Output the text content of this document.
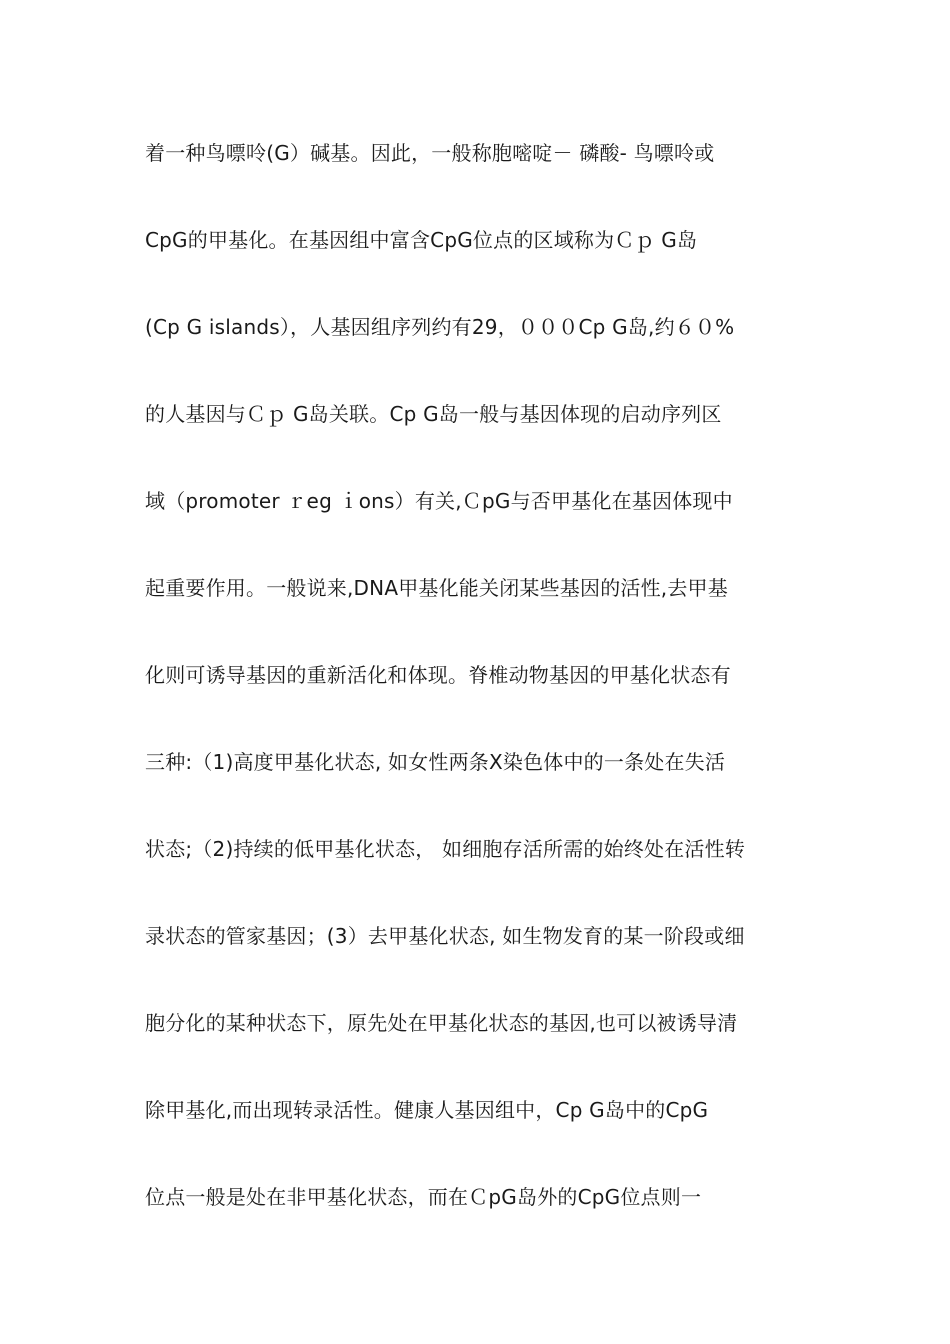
着一种鸟嘌呤(G）碱基。因此，一般称胞嘧啶－ 磷酸- 鸟嘌呤或
CpG的甲基化。在基因组中富含CpG位点的区域称为Ｃｐ G岛
(Cp G islands），人基因组序列约有29，０００Cp G岛,约６０%
的人基因与Ｃｐ G岛关联。Cp G岛一般与基因体现的启动序列区
域（promoter ｒeg ｉons）有关,ＣpG与否甲基化在基因体现中
起重要作用。一般说来,DNA甲基化能关闭某些基因的活性,去甲基
化则可诱导基因的重新活化和体现。脊椎动物基因的甲基化状态有
三种:（1)高度甲基化状态, 如女性两条X染色体中的一条处在失活
状态;（2)持续的低甲基化状态， 如细胞存活所需的始终处在活性转
录状态的管家基因；(3）去甲基化状态, 如生物发育的某一阶段或细
胞分化的某种状态下，原先处在甲基化状态的基因,也可以被诱导清
除甲基化,而出现转录活性。健康人基因组中，Cp G岛中的CpG
位点一般是处在非甲基化状态，而在ＣpG岛外的CpG位点则一
